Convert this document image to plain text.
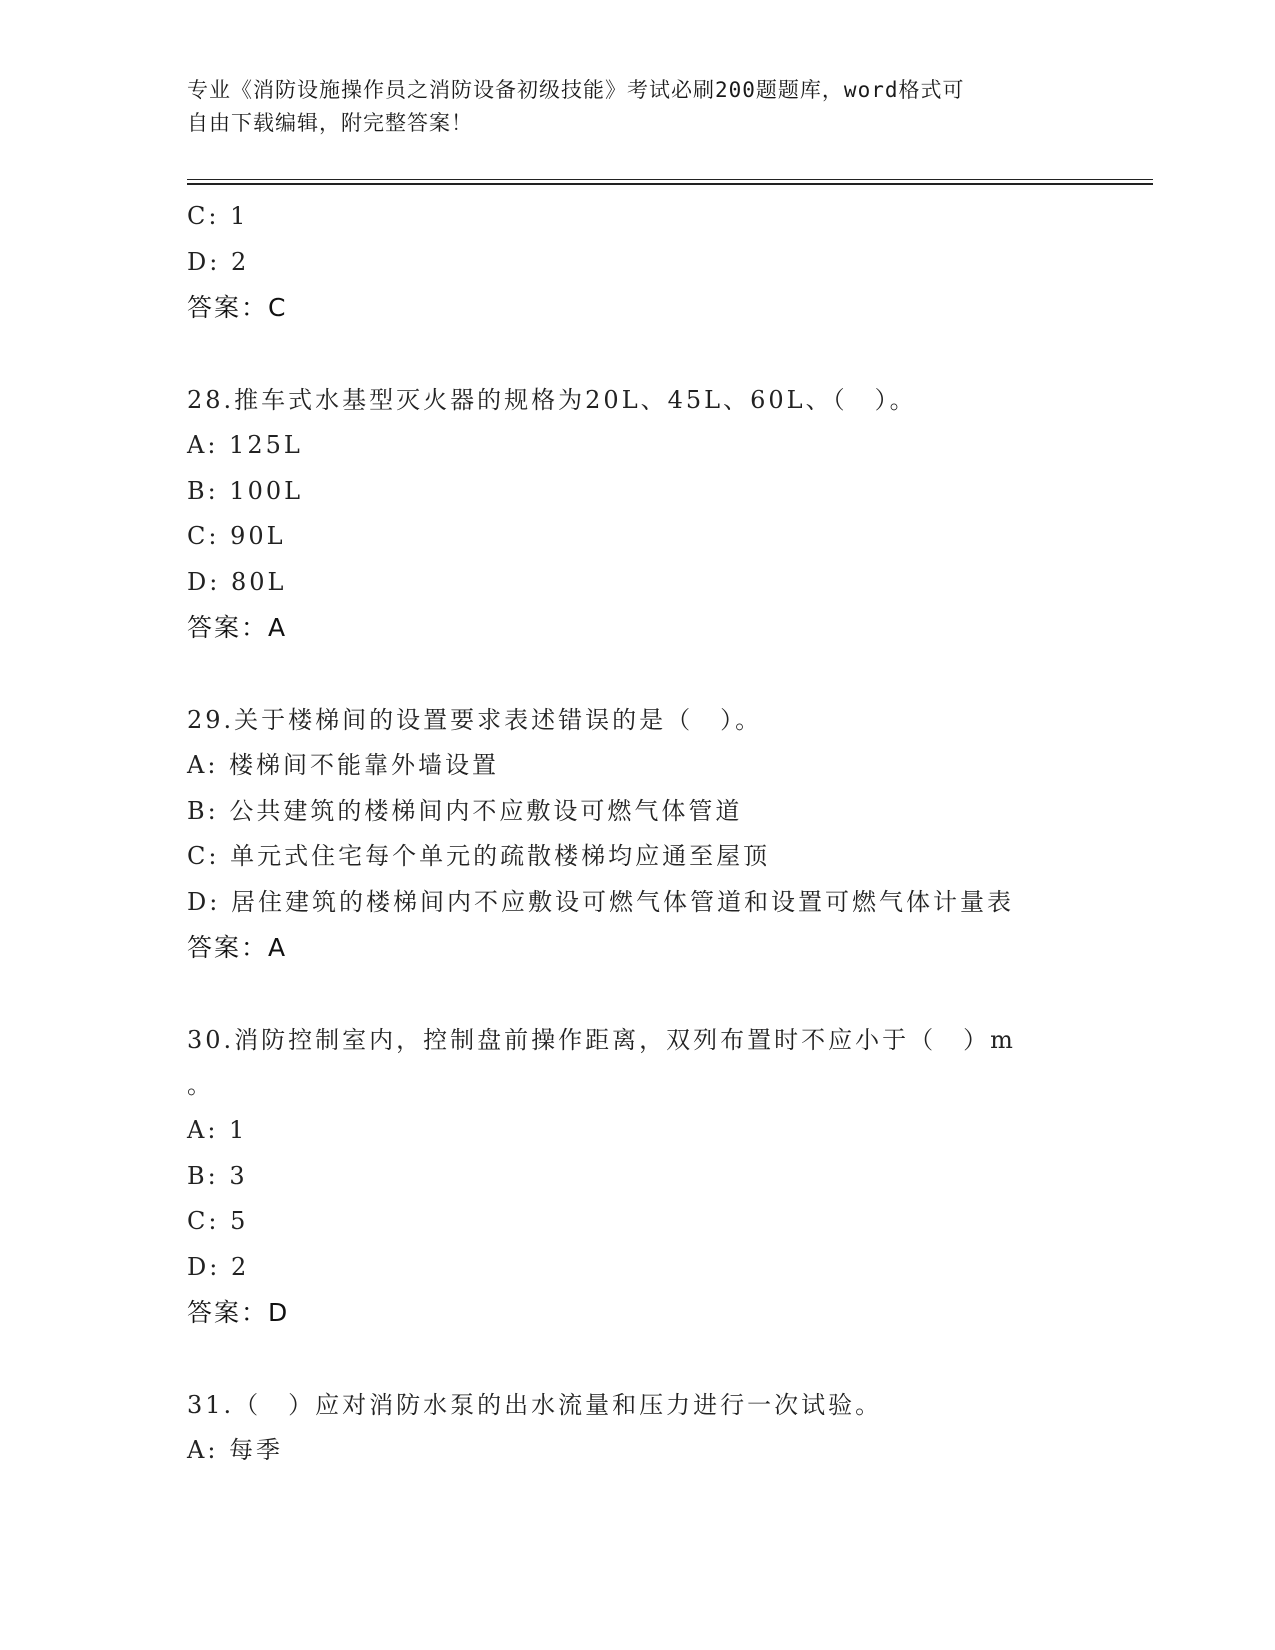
专业《消防设施操作员之消防设备初级技能》考试必刷200题题库，word格式可
自由下载编辑，附完整答案！
C: 1
D: 2
答案：C
28.推车式水基型灭火器的规格为20L、45L、60L、（　）。
A: 125L
B: 100L
C: 90L
D: 80L
答案：A
29.关于楼梯间的设置要求表述错误的是（　）。
A: 楼梯间不能靠外墙设置
B: 公共建筑的楼梯间内不应敷设可燃气体管道
C: 单元式住宅每个单元的疏散楼梯均应通至屋顶
D: 居住建筑的楼梯间内不应敷设可燃气体管道和设置可燃气体计量表
答案：A
30.消防控制室内，控制盘前操作距离，双列布置时不应小于（　）m
。
A: 1
B: 3
C: 5
D: 2
答案：D
31.（　）应对消防水泵的出水流量和压力进行一次试验。
A: 每季
